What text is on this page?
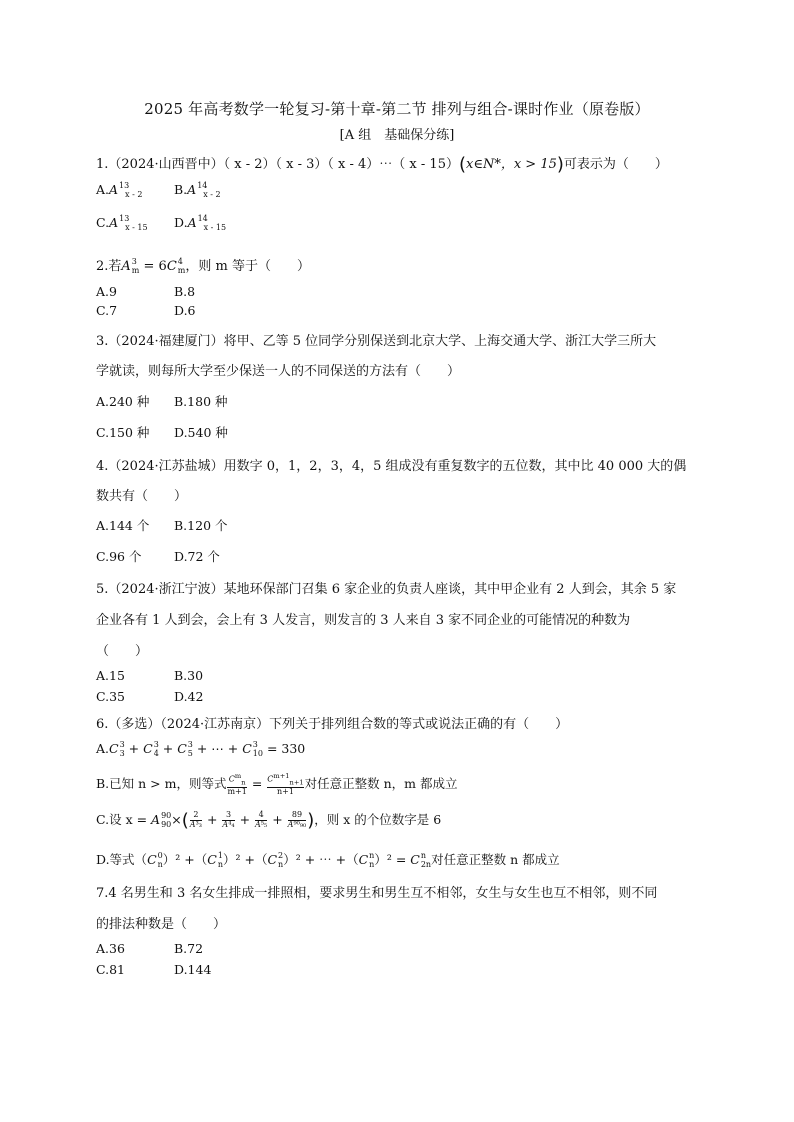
2025 年高考数学一轮复习-第十章-第二节 排列与组合-课时作业（原卷版）
[A 组　基础保分练]
1.（2024·山西晋中）（ x - 2）（ x - 3）（ x - 4）⋯（ x - 15）(x∈N*，x > 15)可表示为（　　）
A.A 13
x - 2	B.A 14
x - 2
C.A 13
x - 15 D.A 14
x - 15
2.若A 3
m = 6C 4
m ，则 m 等于（　　）
A.9	B.8
C.7	D.6
3.（2024·福建厦门）将甲、乙等 5 位同学分别保送到北京大学、上海交通大学、浙江大学三所大
学就读，则每所大学至少保送一人的不同保送的方法有（　　）
A.240 种 B.180 种
C.150 种 D.540 种
4.（2024·江苏盐城）用数字 0，1，2，3，4，5 组成没有重复数字的五位数，其中比 40 000 大的偶
数共有（　　）
A.144 个 B.120 个
C.96 个	D.72 个
5.（2024·浙江宁波）某地环保部门召集 6 家企业的负责人座谈，其中甲企业有 2 人到会，其余 5 家
企业各有 1 人到会，会上有 3 人发言，则发言的 3 人来自 3 家不同企业的可能情况的种数为
（　　）
A.15	B.30
C.35	D.42
6.（多选）（2024·江苏南京）下列关于排列组合数的等式或说法正确的有（　　）
A.C 3
3 + C 3
4 + C 3
5 + ⋯ + C 3
10 = 330
B.已知 n > m，则等式 $\frac{C^m_n}{m+1} = \frac{C^{m+1}_{n+1}}{n+1}$ 对任意正整数 n，m 都成立
C.设 x = A 90
90 ×( $\frac{2}{\text{A³₃}} + \frac{3}{\text{A⁴₄}} + \frac{4}{\text{A⁵₅}} + \frac{89}{\text{A⁹⁰₉₀}}$ )，则 x 的个位数字是 6
D.等式（C 0
n ）² +（C 1
n ）² +（C 2
n ）² + ⋯ +（C n
n ）² = C n
2n 对任意正整数 n 都成立
7.4 名男生和 3 名女生排成一排照相，要求男生和男生互不相邻，女生与女生也互不相邻，则不同
的排法种数是（　　）
A.36	B.72
C.81	D.144
